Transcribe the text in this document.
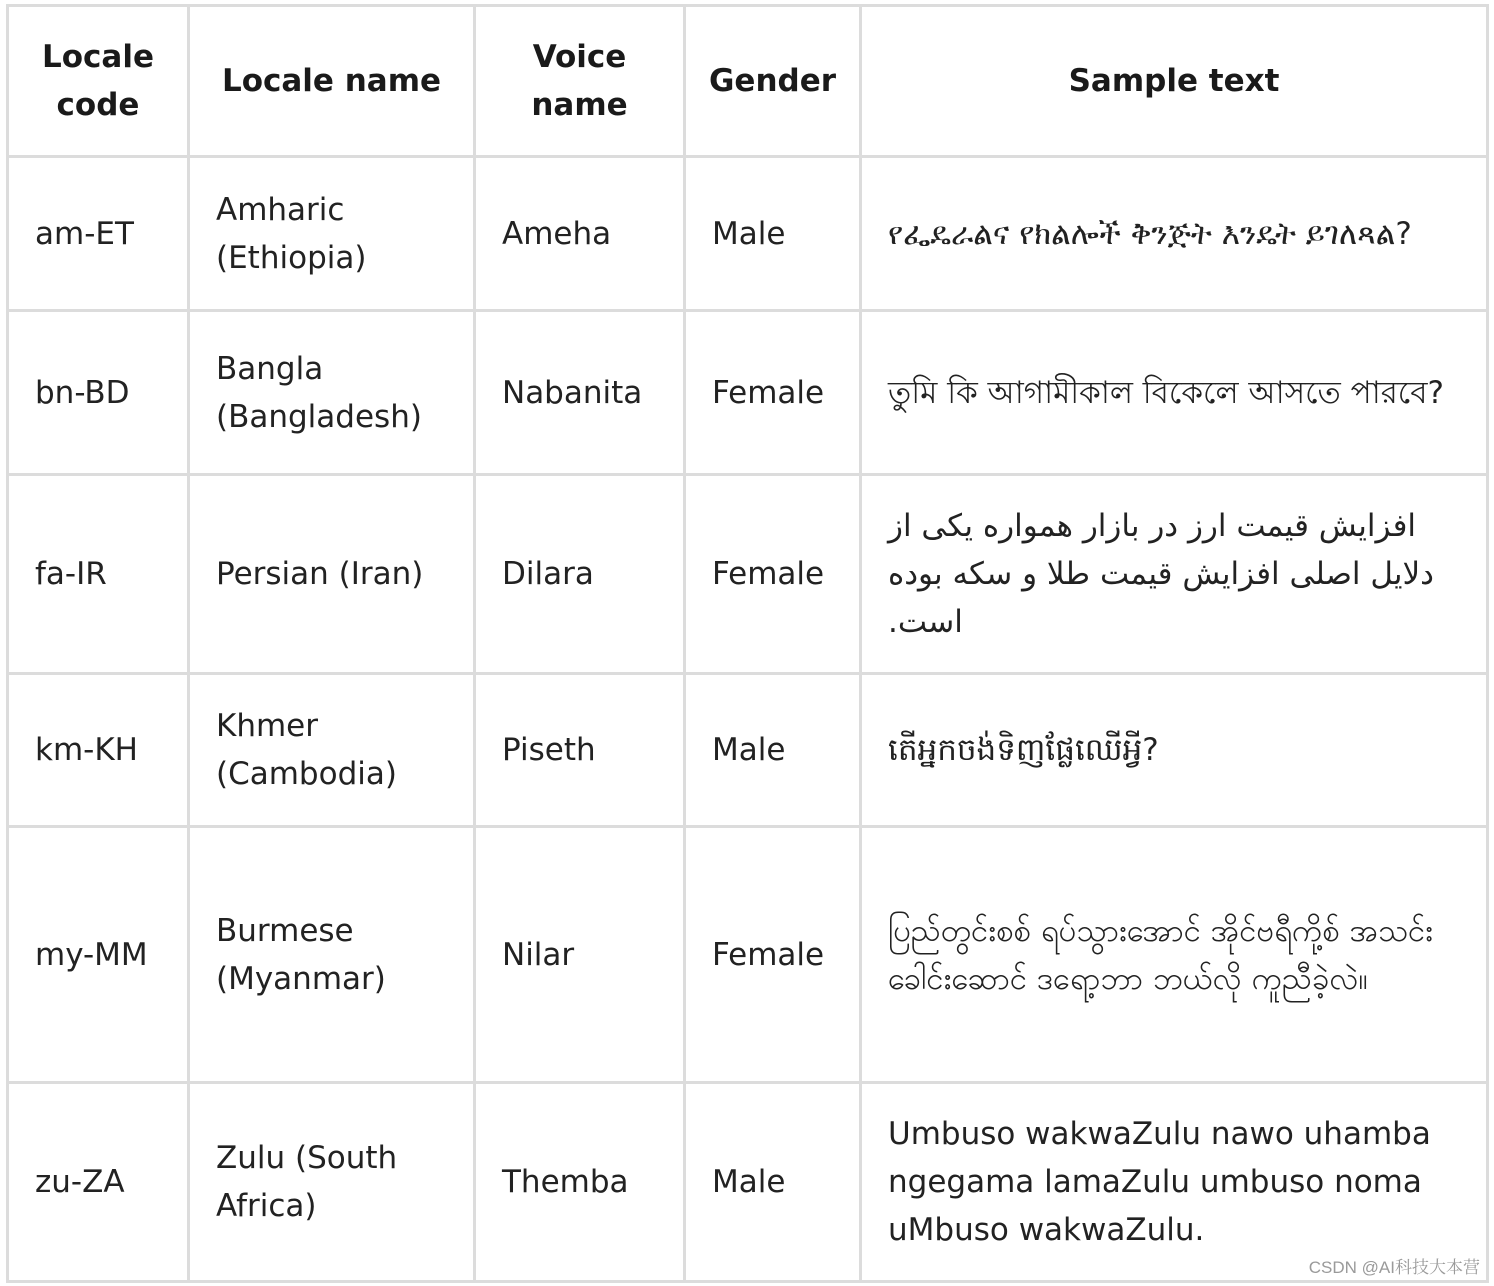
Locale code	Locale name	Voice name	Gender	Sample text
am-ET	Amharic (Ethiopia)	Ameha	Male	የፌዴራልና የክልሎች ቅንጅት እንዴት ይገለጻል?
bn-BD	Bangla (Bangladesh)	Nabanita	Female	তুমি কি আগামীকাল বিকেলে আসতে পারবে?
fa-IR	Persian (Iran)	Dilara	Female	افزایش قیمت ارز در بازار همواره یکی از دلایل اصلی افزایش قیمت طلا و سکه بوده است.
km-KH	Khmer (Cambodia)	Piseth	Male	តើអ្នកចង់ទិញផ្លែឈើអ្វី?
my-MM	Burmese (Myanmar)	Nilar	Female	ပြည်တွင်းစစ် ရပ်သွားအောင် အိုင်ဗရီကို့စ် အသင်းခေါင်းဆောင် ဒရော့ဘာ ဘယ်လို ကူညီခဲ့လဲ။
zu-ZA	Zulu (South Africa)	Themba	Male	Umbuso wakwaZulu nawo uhamba ngegama lamaZulu umbuso noma uMbuso wakwaZulu.
CSDN @AI科技大本营
